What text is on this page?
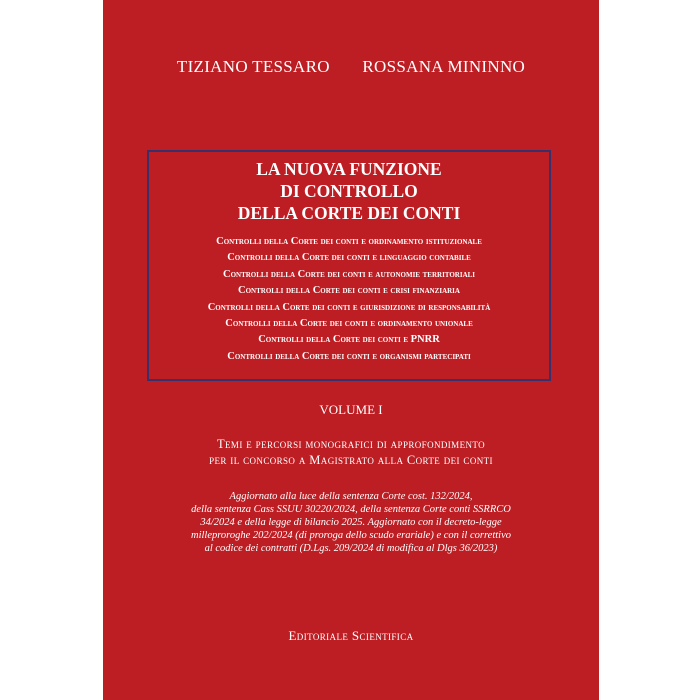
TIZIANO TESSARO ROSSANA MININNO
LA NUOVA FUNZIONE
DI CONTROLLO
DELLA CORTE DEI CONTI
Controlli della Corte dei conti e ordinamento istituzionale
Controlli della Corte dei conti e linguaggio contabile
Controlli della Corte dei conti e autonomie territoriali
Controlli della Corte dei conti e crisi finanziaria
Controlli della Corte dei conti e giurisdizione di responsabilità
Controlli della Corte dei conti e ordinamento unionale
Controlli della Corte dei conti e PNRR
Controlli della Corte dei conti e organismi partecipati
VOLUME I
Temi e percorsi monografici di approfondimento
per il concorso a Magistrato alla Corte dei conti
Aggiornato alla luce della sentenza Corte cost. 132/2024,
della sentenza Cass SSUU 30220/2024, della sentenza Corte conti SSRRCO
34/2024 e della legge di bilancio 2025. Aggiornato con il decreto-legge
milleproroghe 202/2024 (di proroga dello scudo erariale) e con il correttivo
al codice dei contratti (D.Lgs. 209/2024 di modifica al Dlgs 36/2023)
Editoriale Scientifica
